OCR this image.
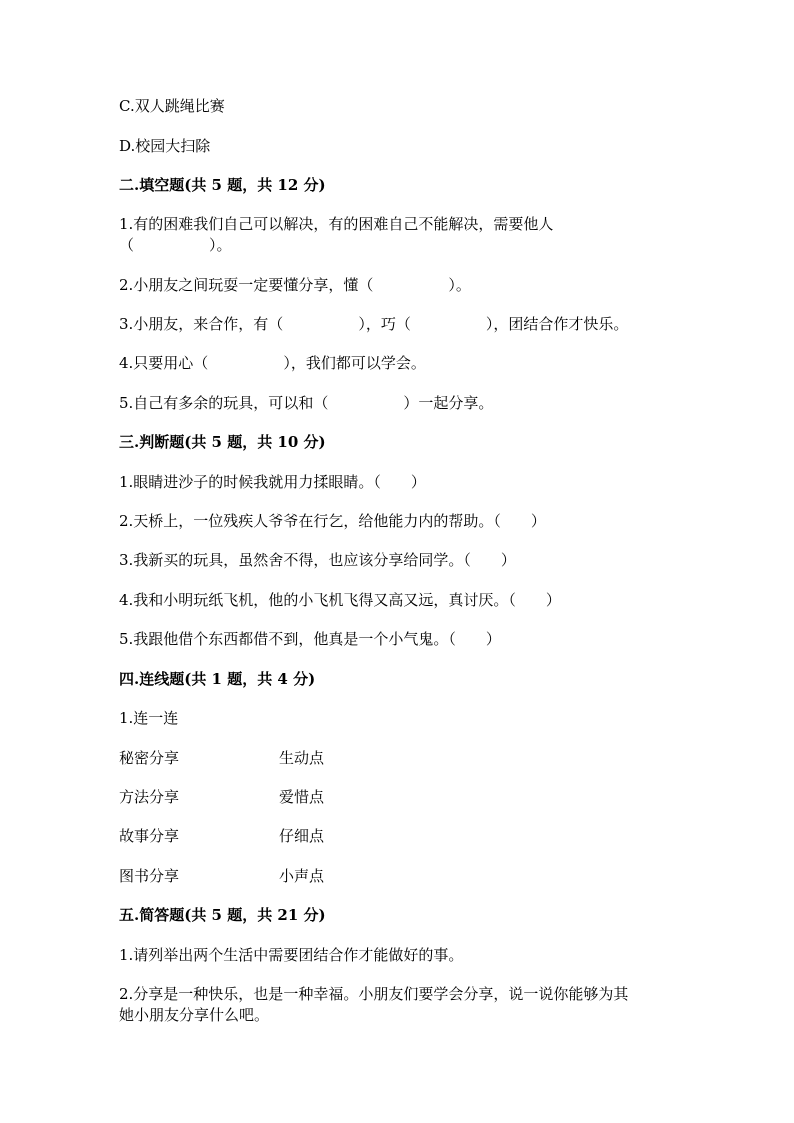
C.双人跳绳比赛
D.校园大扫除
二.填空题(共 5 题，共 12 分)
1.有的困难我们自己可以解决，有的困难自己不能解决，需要他人
（　　　　　）。
2.小朋友之间玩耍一定要懂分享，懂（　　　　　）。
3.小朋友，来合作，有（　　　　　），巧（　　　　　），团结合作才快乐。
4.只要用心（　　　　　），我们都可以学会。
5.自己有多余的玩具，可以和（　　　　　）一起分享。
三.判断题(共 5 题，共 10 分)
1.眼睛进沙子的时候我就用力揉眼睛。（　　）
2.天桥上，一位残疾人爷爷在行乞，给他能力内的帮助。（　　）
3.我新买的玩具，虽然舍不得，也应该分享给同学。（　　）
4.我和小明玩纸飞机，他的小飞机飞得又高又远，真讨厌。（　　）
5.我跟他借个东西都借不到，他真是一个小气鬼。（　　）
四.连线题(共 1 题，共 4 分)
1.连一连
秘密分享	生动点
方法分享	爱惜点
故事分享	仔细点
图书分享	小声点
五.简答题(共 5 题，共 21 分)
1.请列举出两个生活中需要团结合作才能做好的事。
2.分享是一种快乐，也是一种幸福。小朋友们要学会分享，说一说你能够为其
她小朋友分享什么吧。
